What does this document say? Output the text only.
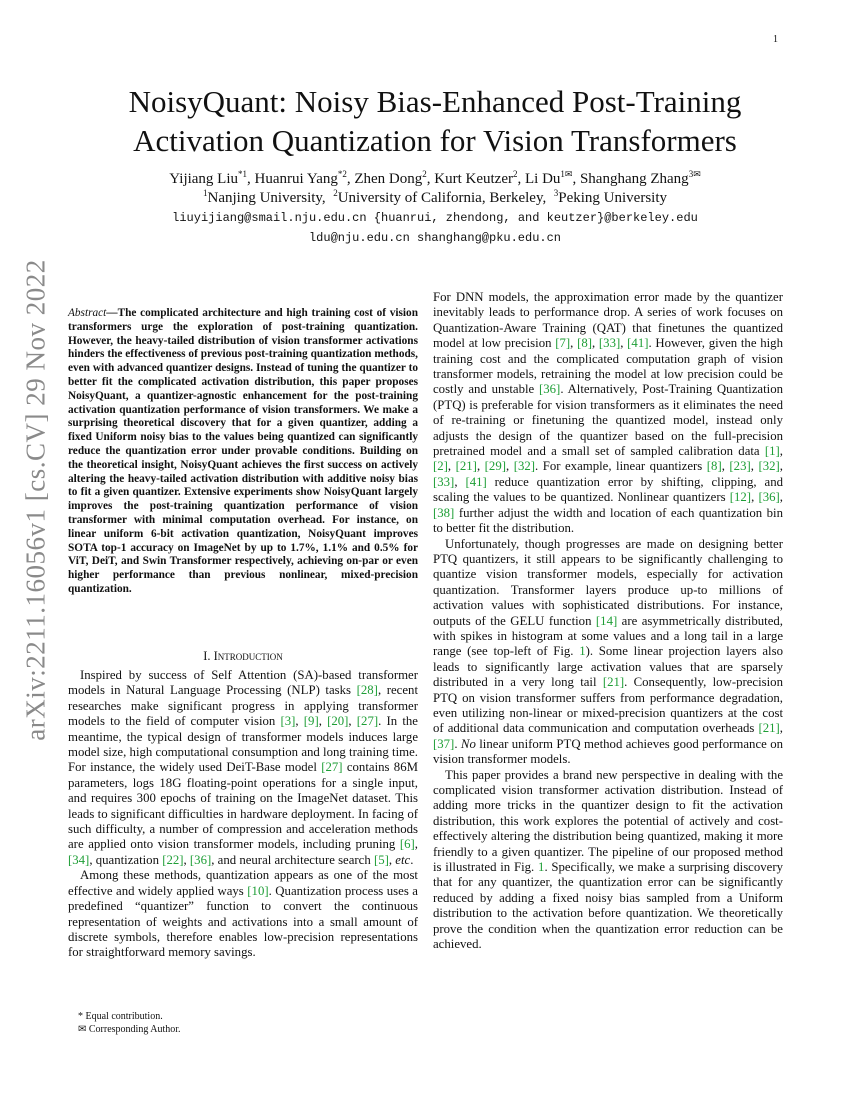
1
arXiv:2211.16056v1 [cs.CV] 29 Nov 2022
NoisyQuant: Noisy Bias-Enhanced Post-Training
Activation Quantization for Vision Transformers
Yijiang Liu$^{*1}$, Huanrui Yang$^{*2}$, Zhen Dong$^2$, Kurt Keutzer$^2$, Li $Du^{1✉}$, Shanghang Zhang$^{3✉}$
$^1$Nanjing University, $^2$University of California, Berkeley, $^3$Peking University
liuyijiang@smail.nju.edu.cn {huanrui, zhendong, and keutzer}@berkeley.edu
ldu@nju.edu.cn shanghang@pku.edu.cn
Abstract—The complicated architecture and high training cost of vision transformers urge the exploration of post-training quantization. However, the heavy-tailed distribution of vision transformer activations hinders the effectiveness of previous post-training quantization methods, even with advanced quantizer designs. Instead of tuning the quantizer to better fit the complicated activation distribution, this paper proposes NoisyQuant, a quantizer-agnostic enhancement for the post-training activation quantization performance of vision transformers. We make a surprising theoretical discovery that for a given quantizer, adding a fixed Uniform noisy bias to the values being quantized can significantly reduce the quantization error under provable conditions. Building on the theoretical insight, NoisyQuant achieves the first success on actively altering the heavy-tailed activation distribution with additive noisy bias to fit a given quantizer. Extensive experiments show NoisyQuant largely improves the post-training quantization performance of vision transformer with minimal computation overhead. For instance, on linear uniform 6-bit activation quantization, NoisyQuant improves SOTA top-1 accuracy on ImageNet by up to 1.7%, 1.1% and 0.5% for ViT, DeiT, and Swin Transformer respectively, achieving on-par or even higher performance than previous nonlinear, mixed-precision quantization.
I. Introduction

Inspired by success of Self Attention (SA)-based transformer models in Natural Language Processing (NLP) tasks [28], recent researches make significant progress in applying transformer models to the field of computer vision [3], [9], [20], [27]. In the meantime, the typical design of transformer models induces large model size, high computational consumption and long training time. For instance, the widely used DeiT-Base model [27] contains 86M parameters, logs 18G floating-point operations for a single input, and requires 300 epochs of training on the ImageNet dataset. This leads to significant difficulties in hardware deployment. In facing of such difficulty, a number of compression and acceleration methods are applied onto vision transformer models, including pruning [6], [34], quantization [22], [36], and neural architecture search [5], etc.

Among these methods, quantization appears as one of the most effective and widely applied ways [10]. Quantization process uses a predefined “quantizer” function to convert the continuous representation of weights and activations into a small amount of discrete symbols, therefore enables low-precision representations for straightforward memory savings.

* Equal contribution.

✉ Corresponding Author.

For DNN models, the approximation error made by the quantizer inevitably leads to performance drop. A series of work focuses on Quantization-Aware Training (QAT) that finetunes the quantized model at low precision [7], [8], [33], [41]. However, given the high training cost and the complicated computation graph of vision transformer models, retraining the model at low precision could be costly and unstable [36]. Alternatively, Post-Training Quantization (PTQ) is preferable for vision transformers as it eliminates the need of re-training or finetuning the quantized model, instead only adjusts the design of the quantizer based on the full-precision pretrained model and a small set of sampled calibration data [1], [2], [21], [29], [32]. For example, linear quantizers [8], [23], [32], [33], [41] reduce quantization error by shifting, clipping, and scaling the values to be quantized. Nonlinear quantizers [12], [36], [38] further adjust the width and location of each quantization bin to better fit the distribution.

Unfortunately, though progresses are made on designing better PTQ quantizers, it still appears to be significantly challenging to quantize vision transformer models, especially for activation quantization. Transformer layers produce up-to millions of activation values with sophisticated distributions. For instance, outputs of the GELU function [14] are asymmetrically distributed, with spikes in histogram at some values and a long tail in a large range (see top-left of Fig. 1). Some linear projection layers also leads to significantly large activation values that are sparsely distributed in a very long tail [21]. Consequently, low-precision PTQ on vision transformer suffers from performance degradation, even utilizing non-linear or mixed-precision quantizers at the cost of additional data communication and computation overheads [21], [37]. No linear uniform PTQ method achieves good performance on vision transformer models.

This paper provides a brand new perspective in dealing with the complicated vision transformer activation distribution. Instead of adding more tricks in the quantizer design to fit the activation distribution, this work explores the potential of actively and cost-effectively altering the distribution being quantized, making it more friendly to a given quantizer. The pipeline of our proposed method is illustrated in Fig. 1. Specifically, we make a surprising discovery that for any quantizer, the quantization error can be significantly reduced by adding a fixed noisy bias sampled from a Uniform distribution to the activation before quantization. We theoretically prove the condition when the quantization error reduction can be achieved.
